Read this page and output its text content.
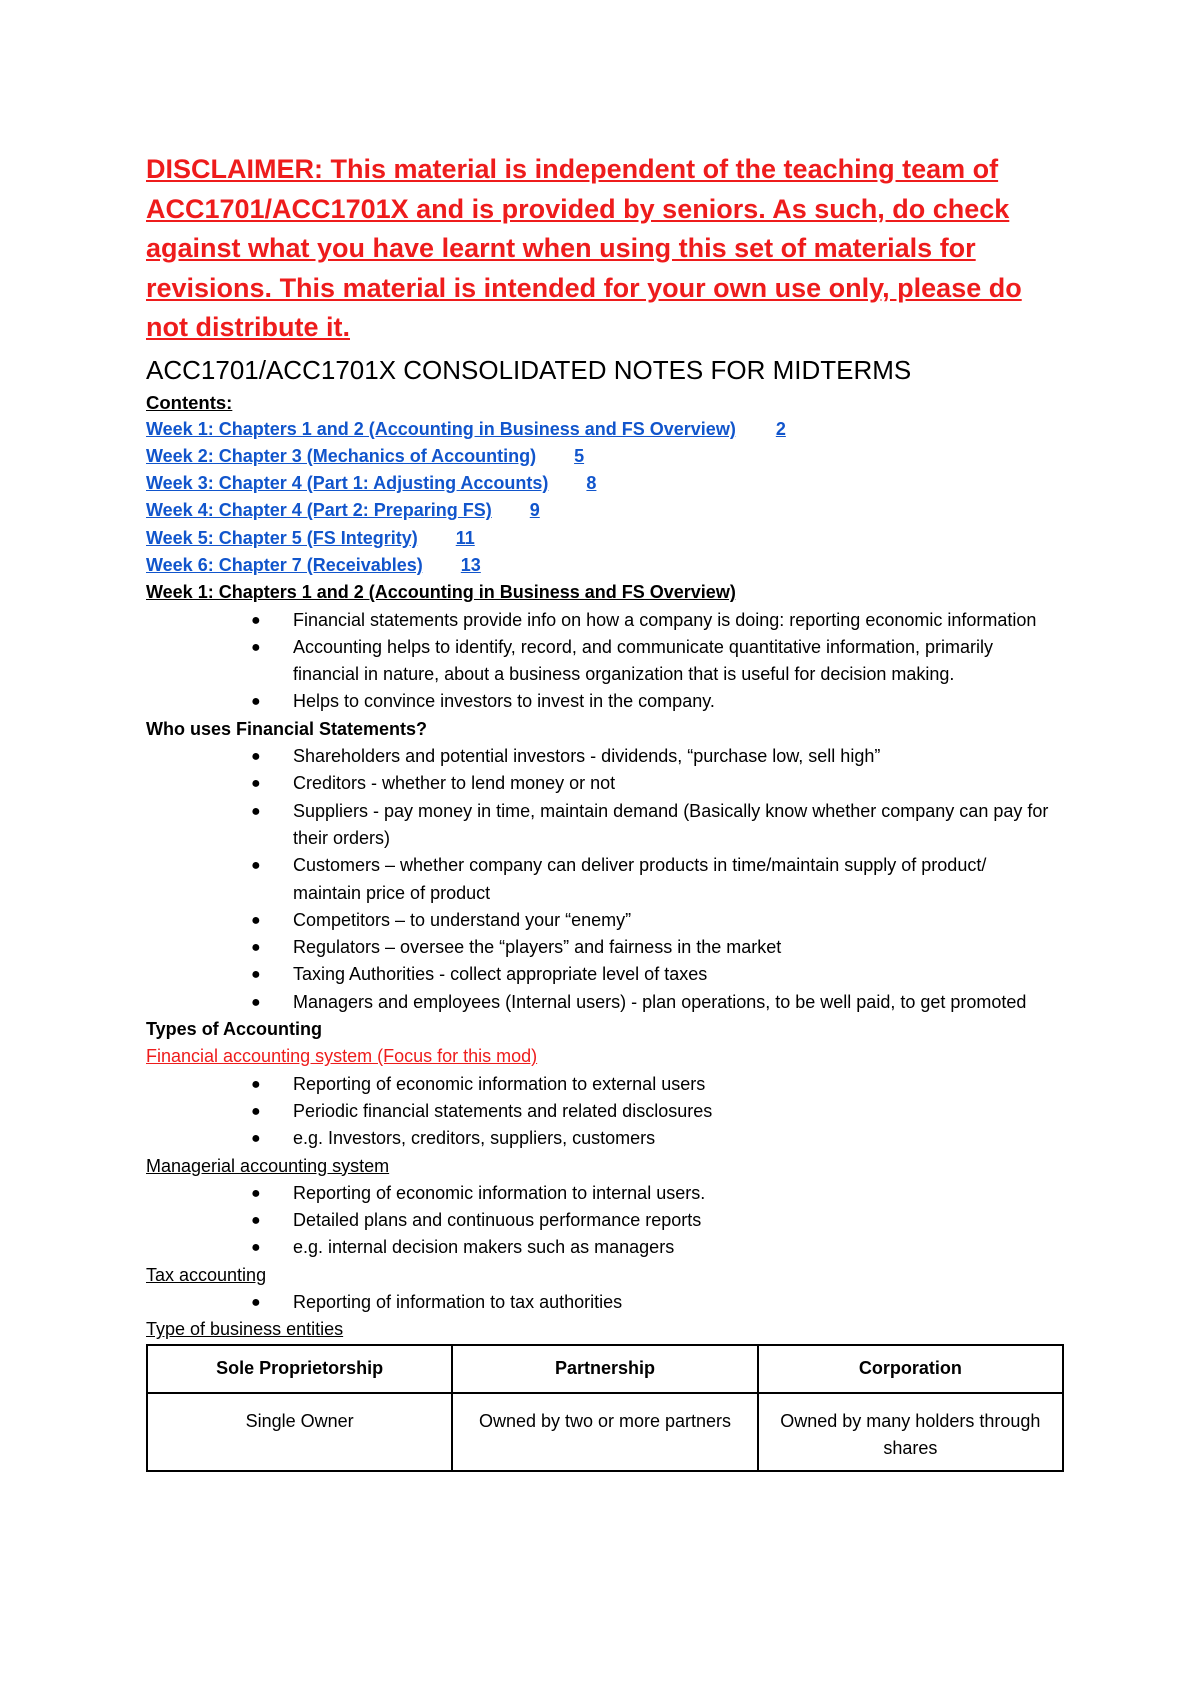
DISCLAIMER: This material is independent of the teaching team of ACC1701/ACC1701X and is provided by seniors. As such, do check against what you have learnt when using this set of materials for revisions. This material is intended for your own use only, please do not distribute it.

ACC1701/ACC1701X CONSOLIDATED NOTES FOR MIDTERMS
Contents:
Week 1: Chapters 1 and 2 (Accounting in Business and FS Overview) 2
Week 2: Chapter 3 (Mechanics of Accounting) 5
Week 3: Chapter 4 (Part 1: Adjusting Accounts) 8
Week 4: Chapter 4 (Part 2: Preparing FS) 9
Week 5: Chapter 5 (FS Integrity) 11
Week 6: Chapter 7 (Receivables) 13
Week 1: Chapters 1 and 2 (Accounting in Business and FS Overview)
● Financial statements provide info on how a company is doing: reporting economic information
● Accounting helps to identify, record, and communicate quantitative information, primarily financial in nature, about a business organization that is useful for decision making.
● Helps to convince investors to invest in the company.
Who uses Financial Statements?
● Shareholders and potential investors - dividends, “purchase low, sell high”
● Creditors - whether to lend money or not
● Suppliers - pay money in time, maintain demand (Basically know whether company can pay for their orders)
● Customers – whether company can deliver products in time/maintain supply of product/ maintain price of product
● Competitors – to understand your “enemy”
● Regulators – oversee the “players” and fairness in the market
● Taxing Authorities - collect appropriate level of taxes
● Managers and employees (Internal users) - plan operations, to be well paid, to get promoted
Types of Accounting
Financial accounting system (Focus for this mod)
● Reporting of economic information to external users
● Periodic financial statements and related disclosures
● e.g. Investors, creditors, suppliers, customers
Managerial accounting system
● Reporting of economic information to internal users.
● Detailed plans and continuous performance reports
● e.g. internal decision makers such as managers
Tax accounting
● Reporting of information to tax authorities
Type of business entities
Sole Proprietorship	Partnership	Corporation
Single Owner	Owned by two or more partners	Owned by many holders through shares
